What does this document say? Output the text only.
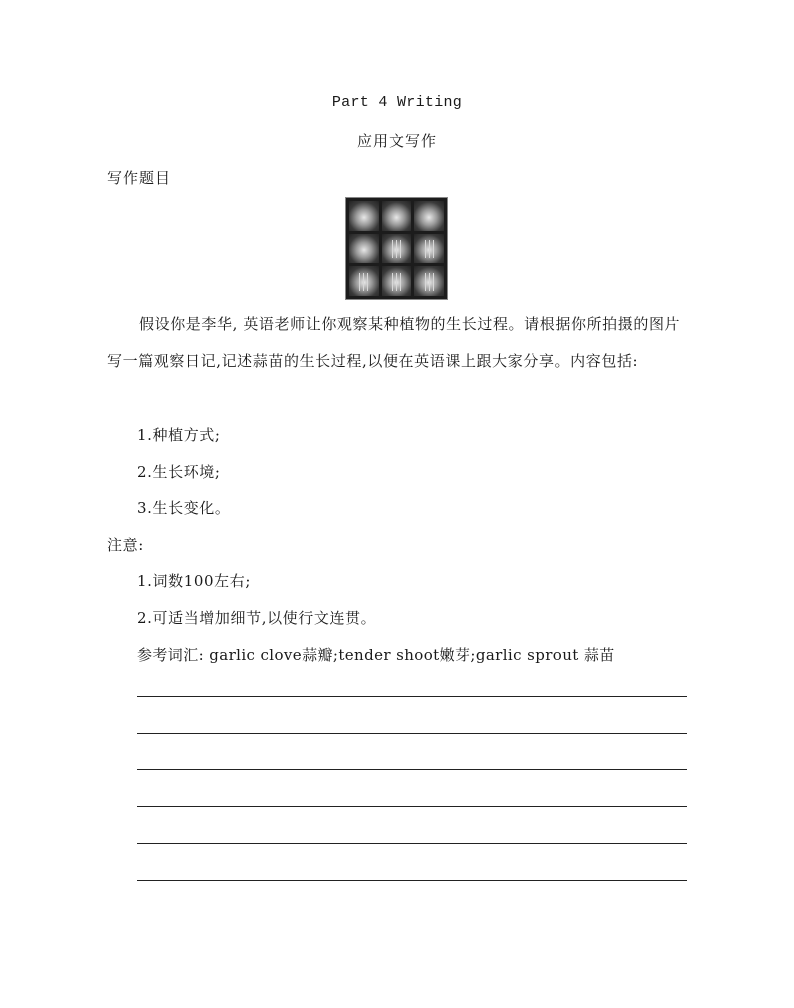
Part 4 Writing
应用文写作
写作题目
假设你是李华, 英语老师让你观察某种植物的生长过程。请根据你所拍摄的图片写一篇观察日记,记述蒜苗的生长过程,以便在英语课上跟大家分享。内容包括:
1.种植方式;
2.生长环境;
3.生长变化。
注意:
1.词数100左右;
2.可适当增加细节,以使行文连贯。
参考词汇: garlic clove蒜瓣;tender shoot嫩芽;garlic sprout 蒜苗
